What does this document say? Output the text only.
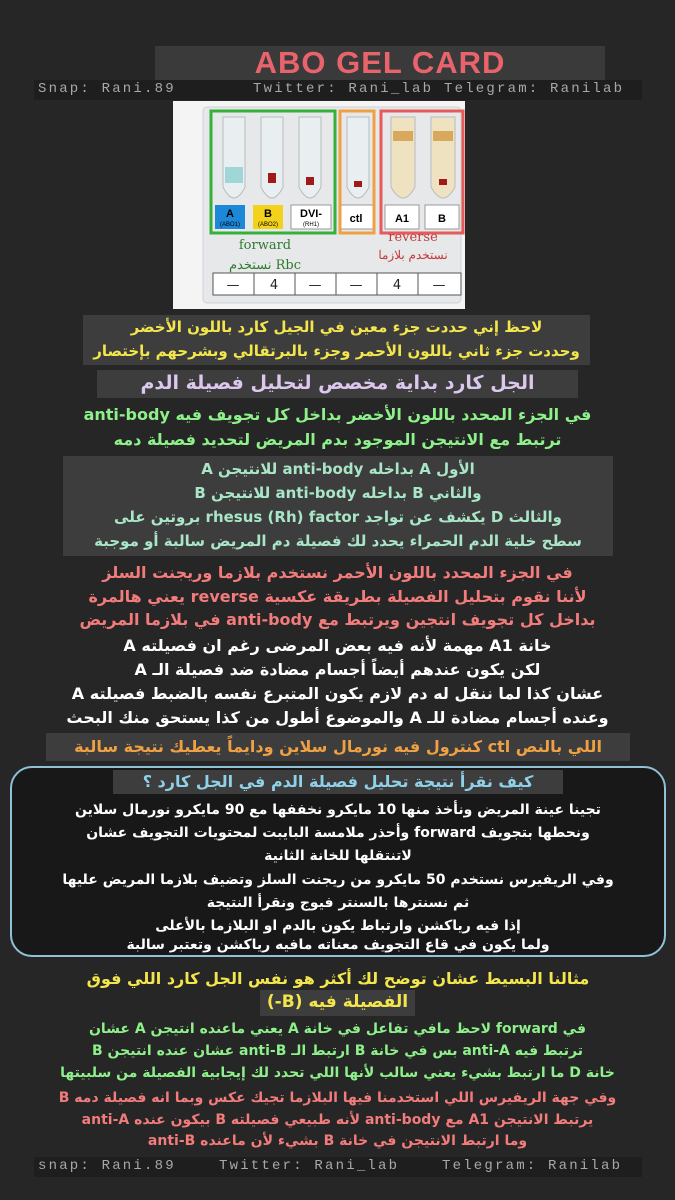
ABO GEL CARD
Snap: Rani.89	Twitter: Rani_lab Telegram: Ranilab
A
(ABO1)
B
(ABO2)
DVI-
(RH1)	ctl	A1	B
forward
Rbc نستخدم
reverse
نستخدم بلازما
— 4 — — 4 —
لاحظ إني حددت جزء معين في الجيل كارد باللون الأخضر
وحددت جزء ثاني باللون الأحمر وجزء بالبرتقالي وبشرحهم بإختصار
الجل كارد بداية مخصص لتحليل فصيلة الدم
في الجزء المحدد باللون الأخضر بداخل كل تجويف فيه anti-body
ترتبط مع الانتيجن الموجود بدم المريض لتحديد فصيلة دمه
الأول A بداخله anti-body للانتيجن A
والثاني B بداخله anti-body للانتيجن B
والثالث D يكشف عن تواجد rhesus (Rh) factor بروتين على
سطح خلية الدم الحمراء يحدد لك فصيلة دم المريض سالبة أو موجبة
في الجزء المحدد باللون الأحمر نستخدم بلازما وريجنت السلز
لأننا نقوم بتحليل الفصيلة بطريقة عكسية reverse يعني هالمرة
بداخل كل تجويف انتجين ويرتبط مع anti-body في بلازما المريض
خانة A1 مهمة لأنه فيه بعض المرضى رغم ان فصيلته A
لكن يكون عندهم أيضاً أجسام مضادة ضد فصيلة الـ A
عشان كذا لما ننقل له دم لازم يكون المتبرع نفسه بالضبط فصيلته A
وعنده أجسام مضادة للـ A والموضوع أطول من كذا يستحق منك البحث
اللي بالنص ctl كنترول فيه نورمال سلاين ودايماً يعطيك نتيجة سالبة
كيف نقرأ نتيجة تحليل فصيلة الدم في الجل كارد ؟
تجينا عينة المريض ونأخذ منها 10 مايكرو نخففها مع 90 مايكرو نورمال سلاين
ونحطها بتجويف forward وأحذر ملامسة البايبت لمحتويات التجويف عشان
لاتنتقلها للخانة الثانية
وفي الريفيرس نستخدم 50 مايكرو من ريجنت السلز وتضيف بلازما المريض عليها
ثم نسنترها بالسنتر فيوج ونقرأ النتيجة
إذا فيه رياكشن وارتباط يكون بالدم او البلازما بالأعلى
ولما يكون في قاع التجويف معناته مافيه رياكشن وتعتبر سالبة
مثالنا البسيط عشان توضح لك أكثر هو نفس الجل كارد اللي فوق
الفصيلة فيه (B-)
في forward لاحظ مافي تفاعل في خانة A يعني ماعنده انتيجن A عشان
ترتبط فيه anti-A بس في خانة B ارتبط الـ anti-B عشان عنده انتيجن B
خانة D ما ارتبط بشيء يعني سالب لأنها اللي تحدد لك إيجابية الفصيلة من سلبيتها
وفي جهة الريفيرس اللي استخدمنا فيها البلازما تجيك عكس وبما انه فصيلة دمه B
يرتبط الانتيجن A1 مع anti-body لأنه طبيعي فصيلته B بيكون عنده anti-A
وما ارتبط الانتيجن في خانة B بشيء لأن ماعنده anti-B
snap: Rani.89	Twitter: Rani_lab	Telegram: Ranilab
